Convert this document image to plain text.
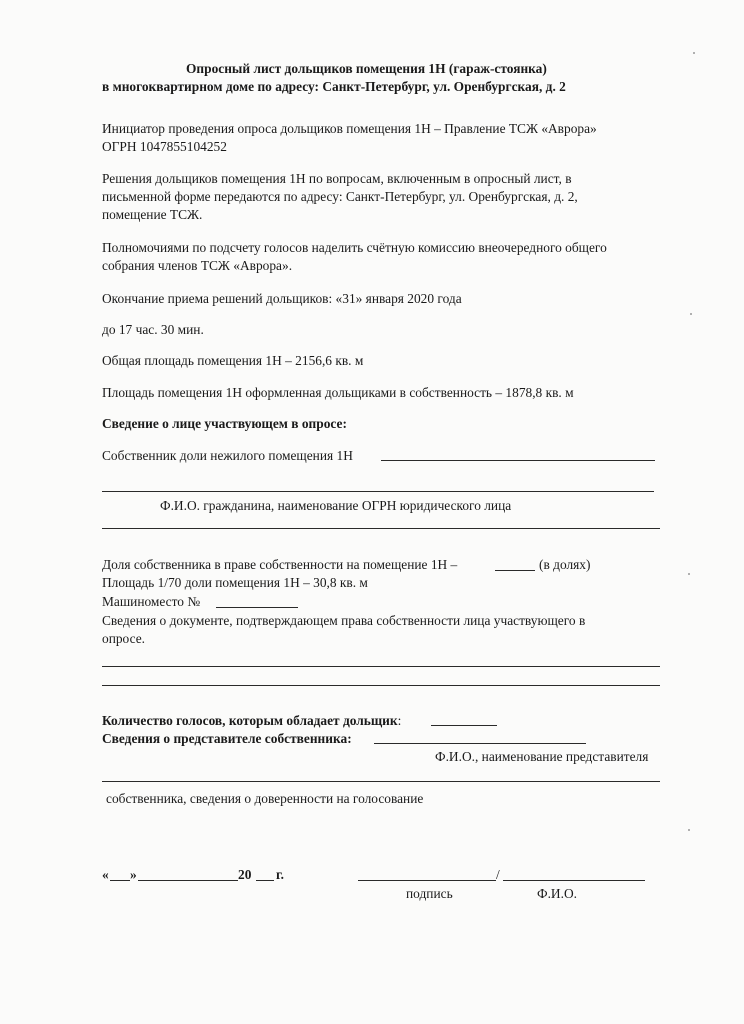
Опросный лист дольщиков помещения 1Н (гараж-стоянка)
в многоквартирном доме по адресу: Санкт-Петербург, ул. Оренбургская, д. 2
Инициатор проведения опроса дольщиков помещения 1Н – Правление ТСЖ «Аврора»
ОГРН 1047855104252
Решения дольщиков помещения 1Н по вопросам, включенным в опросный лист, в
письменной форме передаются по адресу: Санкт-Петербург, ул. Оренбургская, д. 2,
помещение ТСЖ.
Полномочиями по подсчету голосов наделить счётную комиссию внеочередного общего
собрания членов ТСЖ «Аврора».
Окончание приема решений дольщиков: «31» января 2020 года
до 17 час. 30 мин.
Общая площадь помещения 1Н – 2156,6 кв. м
Площадь помещения 1Н оформленная дольщиками в собственность – 1878,8 кв. м
Сведение о лице участвующем в опросе:
Собственник доли нежилого помещения 1Н
Ф.И.О. гражданина, наименование ОГРН юридического лица
Доля собственника в праве собственности на помещение 1Н –	(в долях)
Площадь 1/70 доли помещения 1Н – 30,8 кв. м
Машиноместо №
Сведения о документе, подтверждающем права собственности лица участвующего в
опросе.
Количество голосов, которым обладает дольщик:
Сведения о представителе собственника:
Ф.И.О., наименование представителя
собственника, сведения о доверенности на голосование
« »	20 г.	/
подпись	Ф.И.О.
